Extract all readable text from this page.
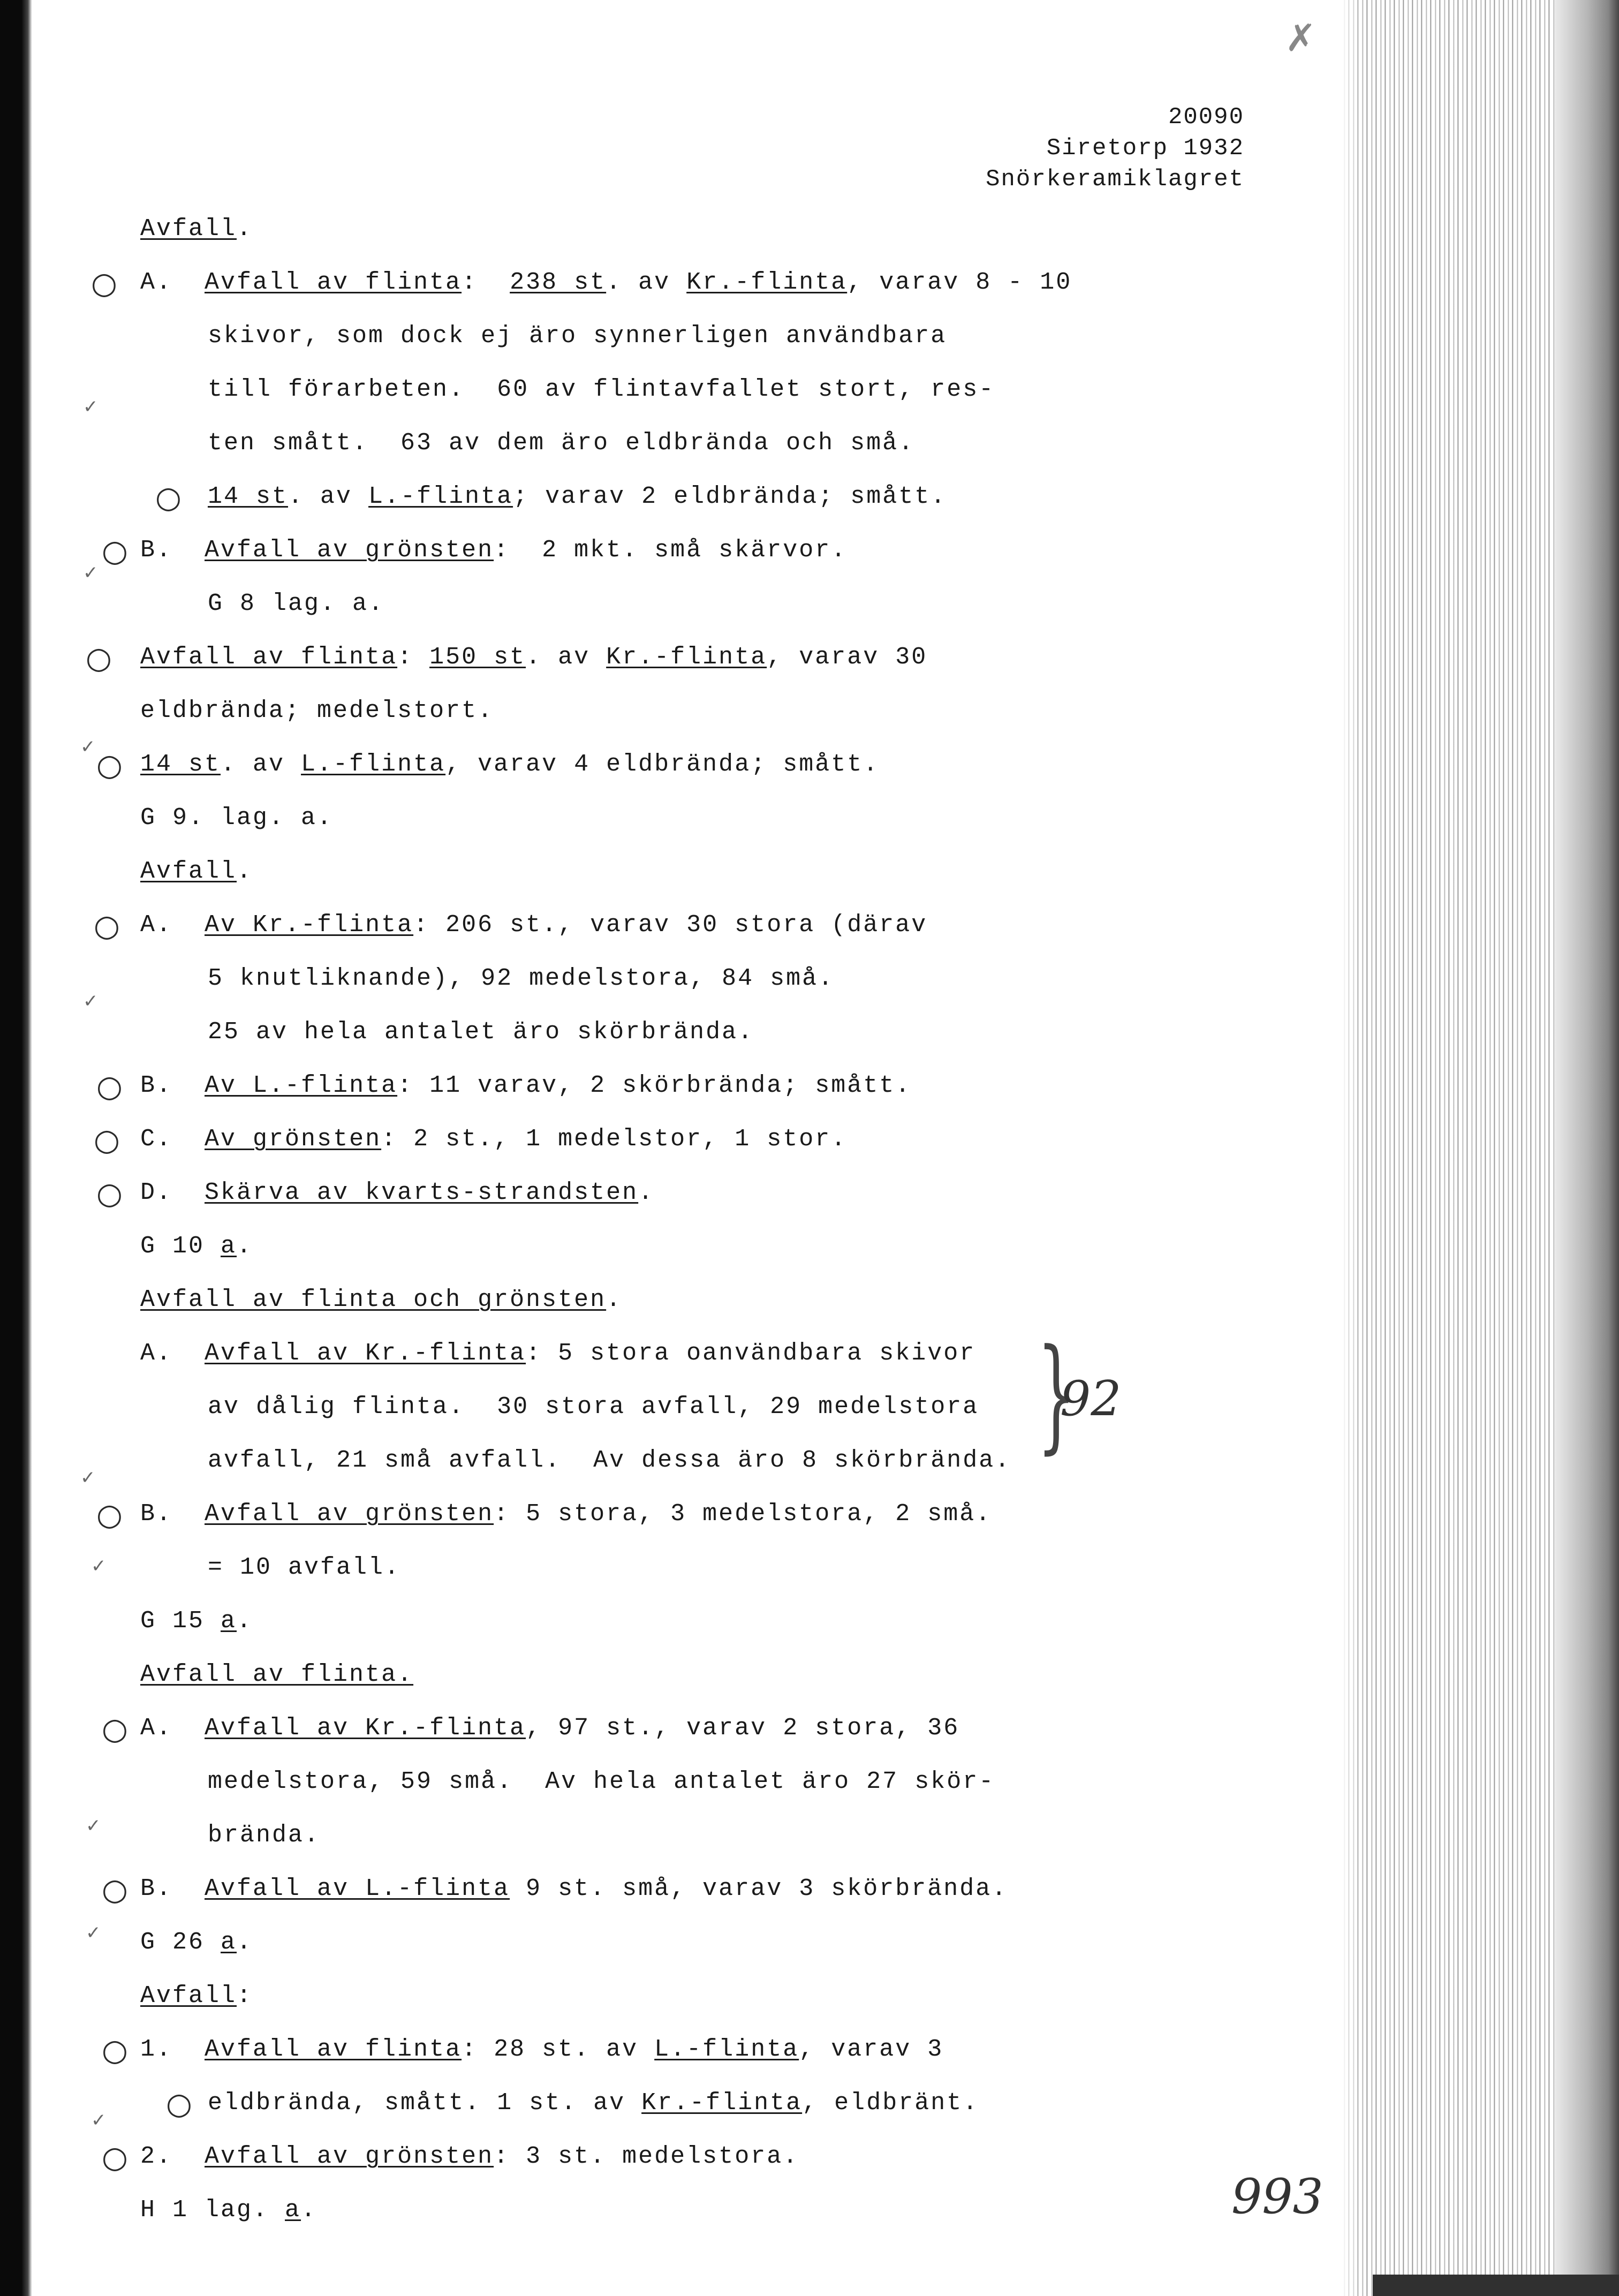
✗
20090
Siretorp 1932
Snörkeramiklagret
Avfall.
A.  Avfall av flinta:  238 st. av Kr.-flinta, varav 8 - 10
skivor, som dock ej äro synnerligen användbara
till förarbeten.  60 av flintavfallet stort, res-
ten smått.  63 av dem äro eldbrända och små.
14 st. av L.-flinta; varav 2 eldbrända; smått.
B.  Avfall av grönsten:  2 mkt. små skärvor.
G 8 lag. a.
Avfall av flinta: 150 st. av Kr.-flinta, varav 30
eldbrända; medelstort.
14 st. av L.-flinta, varav 4 eldbrända; smått.
G 9. lag. a.
Avfall.
A.  Av Kr.-flinta: 206 st., varav 30 stora (därav
5 knutliknande), 92 medelstora, 84 små.
25 av hela antalet äro skörbrända.
B.  Av L.-flinta: 11 varav, 2 skörbrända; smått.
C.  Av grönsten: 2 st., 1 medelstor, 1 stor.
D.  Skärva av kvarts-strandsten.
G 10 a.
Avfall av flinta och grönsten.
A.  Avfall av Kr.-flinta: 5 stora oanvändbara skivor
av dålig flinta.  30 stora avfall, 29 medelstora
avfall, 21 små avfall.  Av dessa äro 8 skörbrända.
B.  Avfall av grönsten: 5 stora, 3 medelstora, 2 små.
= 10 avfall.
G 15 a.
Avfall av flinta.
A.  Avfall av Kr.-flinta, 97 st., varav 2 stora, 36
medelstora, 59 små.  Av hela antalet äro 27 skör-
brända.
B.  Avfall av L.-flinta 9 st. små, varav 3 skörbrända.
G 26 a.
Avfall:
1.  Avfall av flinta: 28 st. av L.-flinta, varav 3
eldbrända, smått. 1 st. av Kr.-flinta, eldbränt.
2.  Avfall av grönsten: 3 st. medelstora.
H 1 lag. a.
○
○
○
○
○
○
○
○
○
○
○
○
○
○
○
✓
✓
✓
✓
✓
✓
✓
✓
✓
}
92
993
